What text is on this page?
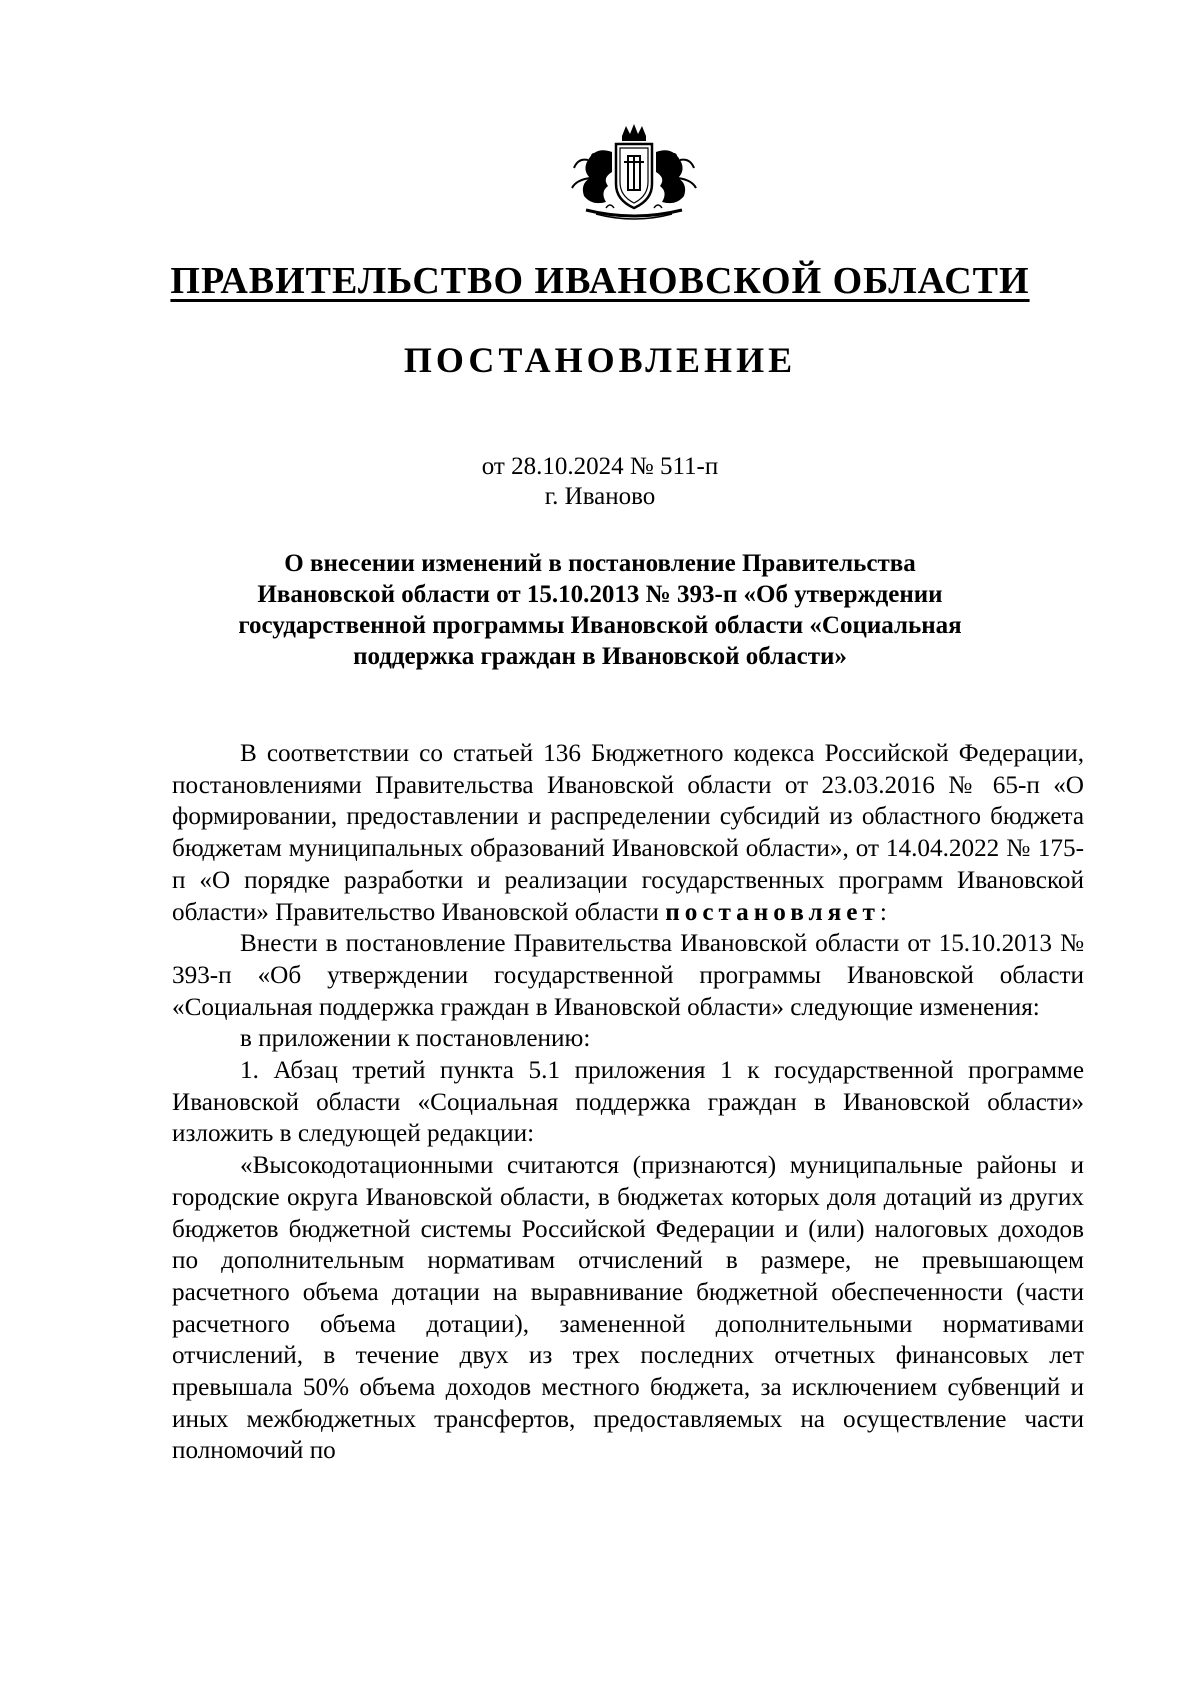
ПРАВИТЕЛЬСТВО ИВАНОВСКОЙ ОБЛАСТИ
ПОСТАНОВЛЕНИЕ
от 28.10.2024 № 511-п
г. Иваново
О внесении изменений в постановление Правительства
Ивановской области от 15.10.2013 № 393-п «Об утверждении
государственной программы Ивановской области «Социальная
поддержка граждан в Ивановской области»

В соответствии со статьей 136 Бюджетного кодекса Российской Федерации, постановлениями Правительства Ивановской области от 23.03.2016 № 65-п «О формировании, предоставлении и распределении субсидий из областного бюджета бюджетам муниципальных образований Ивановской области», от 14.04.2022 № 175-п «О порядке разработки и реализации государственных программ Ивановской области» Правительство Ивановской области постановляет:

Внести в постановление Правительства Ивановской области от 15.10.2013 № 393-п «Об утверждении государственной программы Ивановской области «Социальная поддержка граждан в Ивановской области» следующие изменения:

в приложении к постановлению:

1. Абзац третий пункта 5.1 приложения 1 к государственной программе Ивановской области «Социальная поддержка граждан в Ивановской области» изложить в следующей редакции:

«Высокодотационными считаются (признаются) муниципальные районы и городские округа Ивановской области, в бюджетах которых доля дотаций из других бюджетов бюджетной системы Российской Федерации и (или) налоговых доходов по дополнительным нормативам отчислений в размере, не превышающем расчетного объема дотации на выравнивание бюджетной обеспеченности (части расчетного объема дотации), замененной дополнительными нормативами отчислений, в течение двух из трех последних отчетных финансовых лет превышала 50% объема доходов местного бюджета, за исключением субвенций и иных межбюджетных трансфертов, предоставляемых на осуществление части полномочий по
